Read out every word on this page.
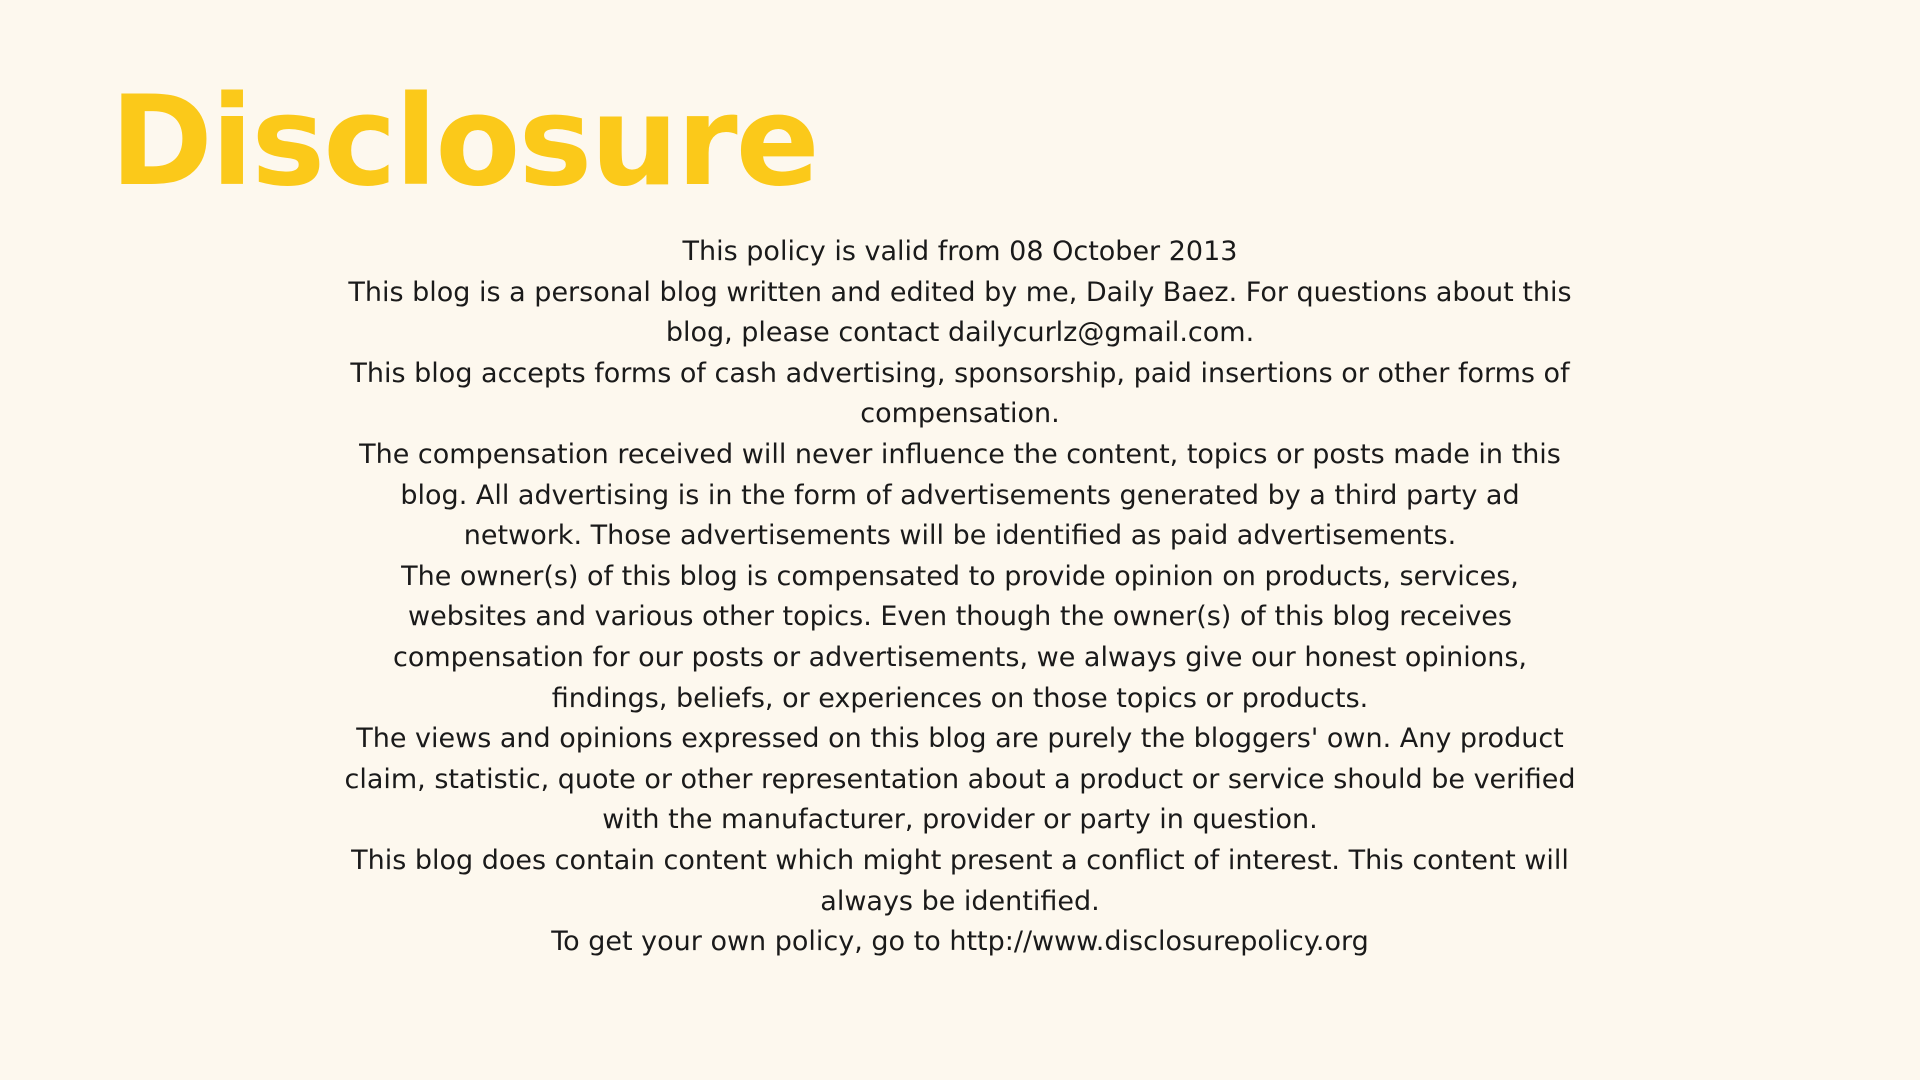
Disclosure

This policy is valid from 08 October 2013

This blog is a personal blog written and edited by me, Daily Baez. For questions about this blog, please contact dailycurlz@gmail.com.

This blog accepts forms of cash advertising, sponsorship, paid insertions or other forms of compensation.

The compensation received will never influence the content, topics or posts made in this blog. All advertising is in the form of advertisements generated by a third party ad network. Those advertisements will be identified as paid advertisements.

The owner(s) of this blog is compensated to provide opinion on products, services, websites and various other topics. Even though the owner(s) of this blog receives compensation for our posts or advertisements, we always give our honest opinions, findings, beliefs, or experiences on those topics or products.

The views and opinions expressed on this blog are purely the bloggers' own. Any product claim, statistic, quote or other representation about a product or service should be verified with the manufacturer, provider or party in question.

This blog does contain content which might present a conflict of interest. This content will always be identified.

To get your own policy, go to http://www.disclosurepolicy.org
